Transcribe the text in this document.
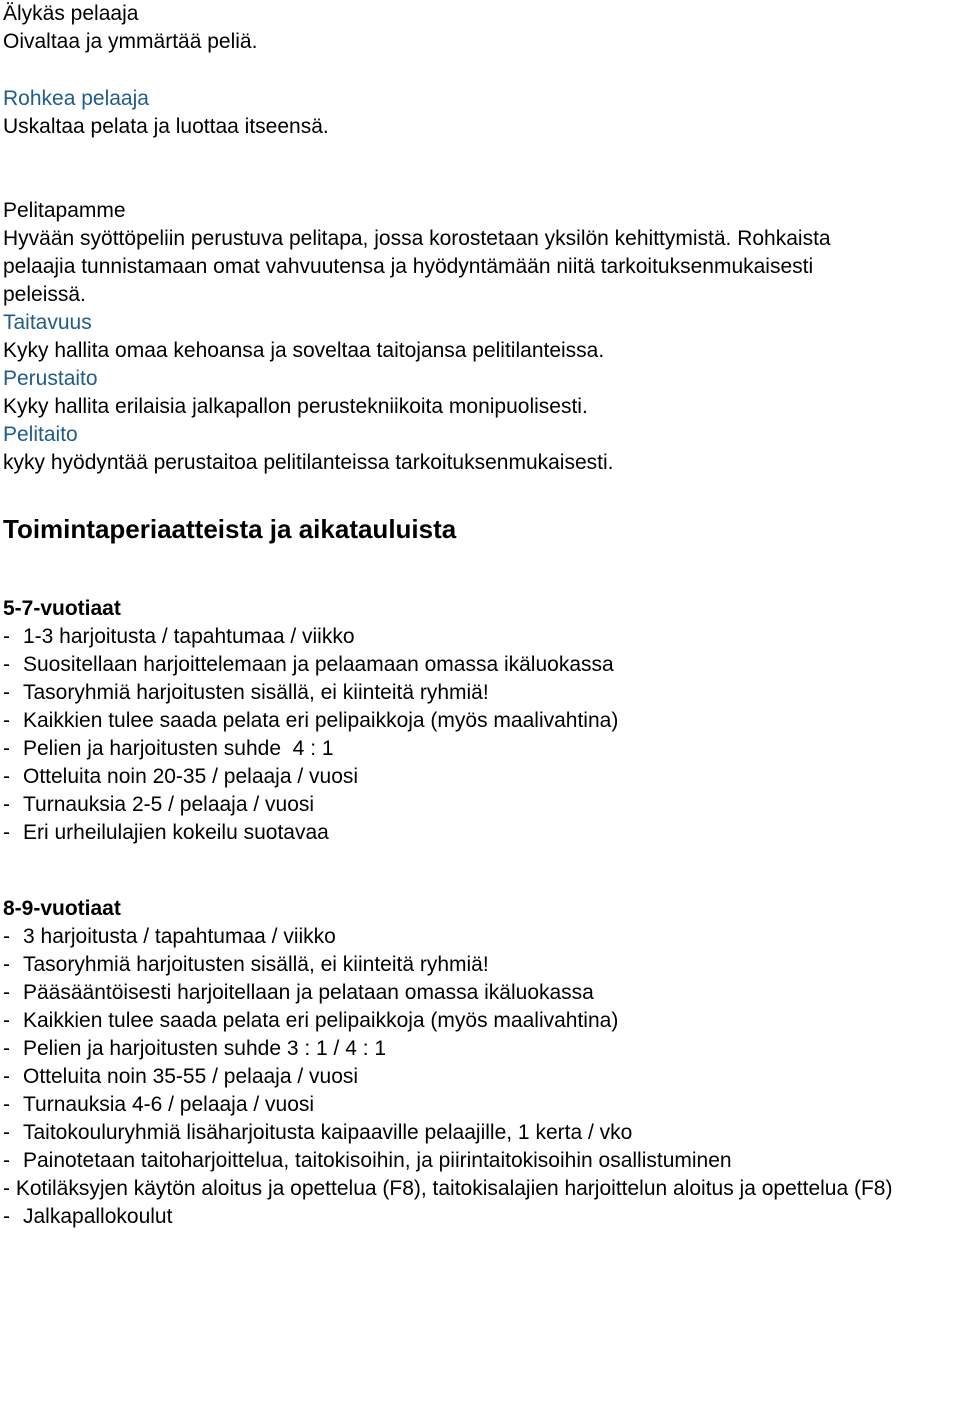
Älykäs pelaaja

Oivaltaa ja ymmärtää peliä.

Rohkea pelaaja

Uskaltaa pelata ja luottaa itseensä.

Pelitapamme

Hyvään syöttöpeliin perustuva pelitapa, jossa korostetaan yksilön kehittymistä. Rohkaista

pelaajia tunnistamaan omat vahvuutensa ja hyödyntämään niitä tarkoituksenmukaisesti

peleissä.

Taitavuus

Kyky hallita omaa kehoansa ja soveltaa taitojansa pelitilanteissa.

Perustaito

Kyky hallita erilaisia jalkapallon perustekniikoita monipuolisesti.

Pelitaito

kyky hyödyntää perustaitoa pelitilanteissa tarkoituksenmukaisesti.

Toimintaperiaatteista ja aikatauluista
5-7-vuotiaat
- 1-3 harjoitusta / tapahtumaa / viikko
- Suositellaan harjoittelemaan ja pelaamaan omassa ikäluokassa
- Tasoryhmiä harjoitusten sisällä, ei kiinteitä ryhmiä!
- Kaikkien tulee saada pelata eri pelipaikkoja (myös maalivahtina)
- Pelien ja harjoitusten suhde  4 : 1
- Otteluita noin 20-35 / pelaaja / vuosi
- Turnauksia 2-5 / pelaaja / vuosi
- Eri urheilulajien kokeilu suotavaa
8-9-vuotiaat
- 3 harjoitusta / tapahtumaa / viikko
- Tasoryhmiä harjoitusten sisällä, ei kiinteitä ryhmiä!
- Pääsääntöisesti harjoitellaan ja pelataan omassa ikäluokassa
- Kaikkien tulee saada pelata eri pelipaikkoja (myös maalivahtina)
- Pelien ja harjoitusten suhde 3 : 1 / 4 : 1
- Otteluita noin 35-55 / pelaaja / vuosi
- Turnauksia 4-6 / pelaaja / vuosi
- Taitokouluryhmiä lisäharjoitusta kaipaaville pelaajille, 1 kerta / vko
- Painotetaan taitoharjoittelua, taitokisoihin, ja piirintaitokisoihin osallistuminen
- Kotiläksyjen käytön aloitus ja opettelua (F8), taitokisalajien harjoittelun aloitus ja opettelua (F8)
- Jalkapallokoulut
